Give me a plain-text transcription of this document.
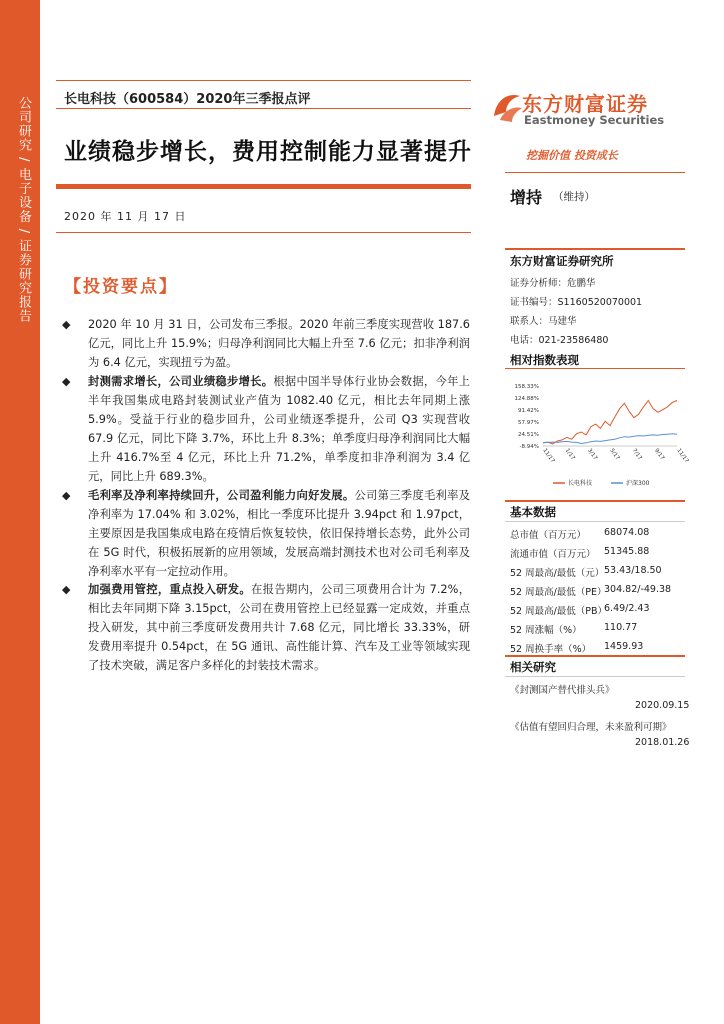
公司研究 / 电子设备 / 证券研究报告	长电科技（600584）2020年三季报点评
业绩稳步增长，费用控制能力显著提升
2020 年 11 月 17 日
【投资要点】
◆ 2020 年 10 月 31 日，公司发布三季报。2020 年前三季度实现营收 187.6 亿元，同比上升 15.9%；归母净利润同比大幅上升至 7.6 亿元；扣非净利润为 6.4 亿元，实现扭亏为盈。
◆ 封测需求增长，公司业绩稳步增长。根据中国半导体行业协会数据，今年上半年我国集成电路封装测试业产值为 1082.40 亿元，相比去年同期上涨 5.9%。受益于行业的稳步回升，公司业绩逐季提升，公司 Q3 实现营收 67.9 亿元，同比下降 3.7%，环比上升 8.3%；单季度归母净利润同比大幅上升 416.7%至 4 亿元，环比上升 71.2%，单季度扣非净利润为 3.4 亿元，同比上升 689.3%。
◆ 毛利率及净利率持续回升，公司盈利能力向好发展。公司第三季度毛利率及净利率为 17.04% 和 3.02%，相比一季度环比提升 3.94pct 和 1.97pct，主要原因是我国集成电路在疫情后恢复较快，依旧保持增长态势，此外公司在 5G 时代，积极拓展新的应用领域，发展高端封测技术也对公司毛利率及净利率水平有一定拉动作用。
◆ 加强费用管控，重点投入研发。在报告期内，公司三项费用合计为 7.2%，相比去年同期下降 3.15pct，公司在费用管控上已经显露一定成效，并重点投入研发，其中前三季度研发费用共计 7.68 亿元，同比增长 33.33%，研发费用率提升 0.54pct，在 5G 通讯、高性能计算、汽车及工业等领域实现了技术突破，满足客户多样化的封装技术需求。
东方财富证券
Eastmoney Securities
挖掘价值 投资成长
增持 （维持）
东方财富证券研究所
证券分析师：危鹏华
证书编号：S1160520070001
联系人：马建华
电话：021-23586480
相对指数表现
158.33%
124.88%
91.42%
57.97%
24.51%
-8.94%
11/17 1/17 3/17 5/17 7/17 9/17 11/17
长电科技	沪深300
基本数据
总市值（百万元） 68074.08
流通市值（百万元） 51345.88
52 周最高/最低（元） 53.43/18.50
52 周最高/最低（PE）
304.82/-49.38
52 周最高/最低（PB）
6.49/2.43
52 周涨幅（%） 110.77
52 周换手率（%） 1459.93
相关研究
《封测国产替代排头兵》
2020.09.15
《估值有望回归合理，未来盈利可期》
2018.01.26
